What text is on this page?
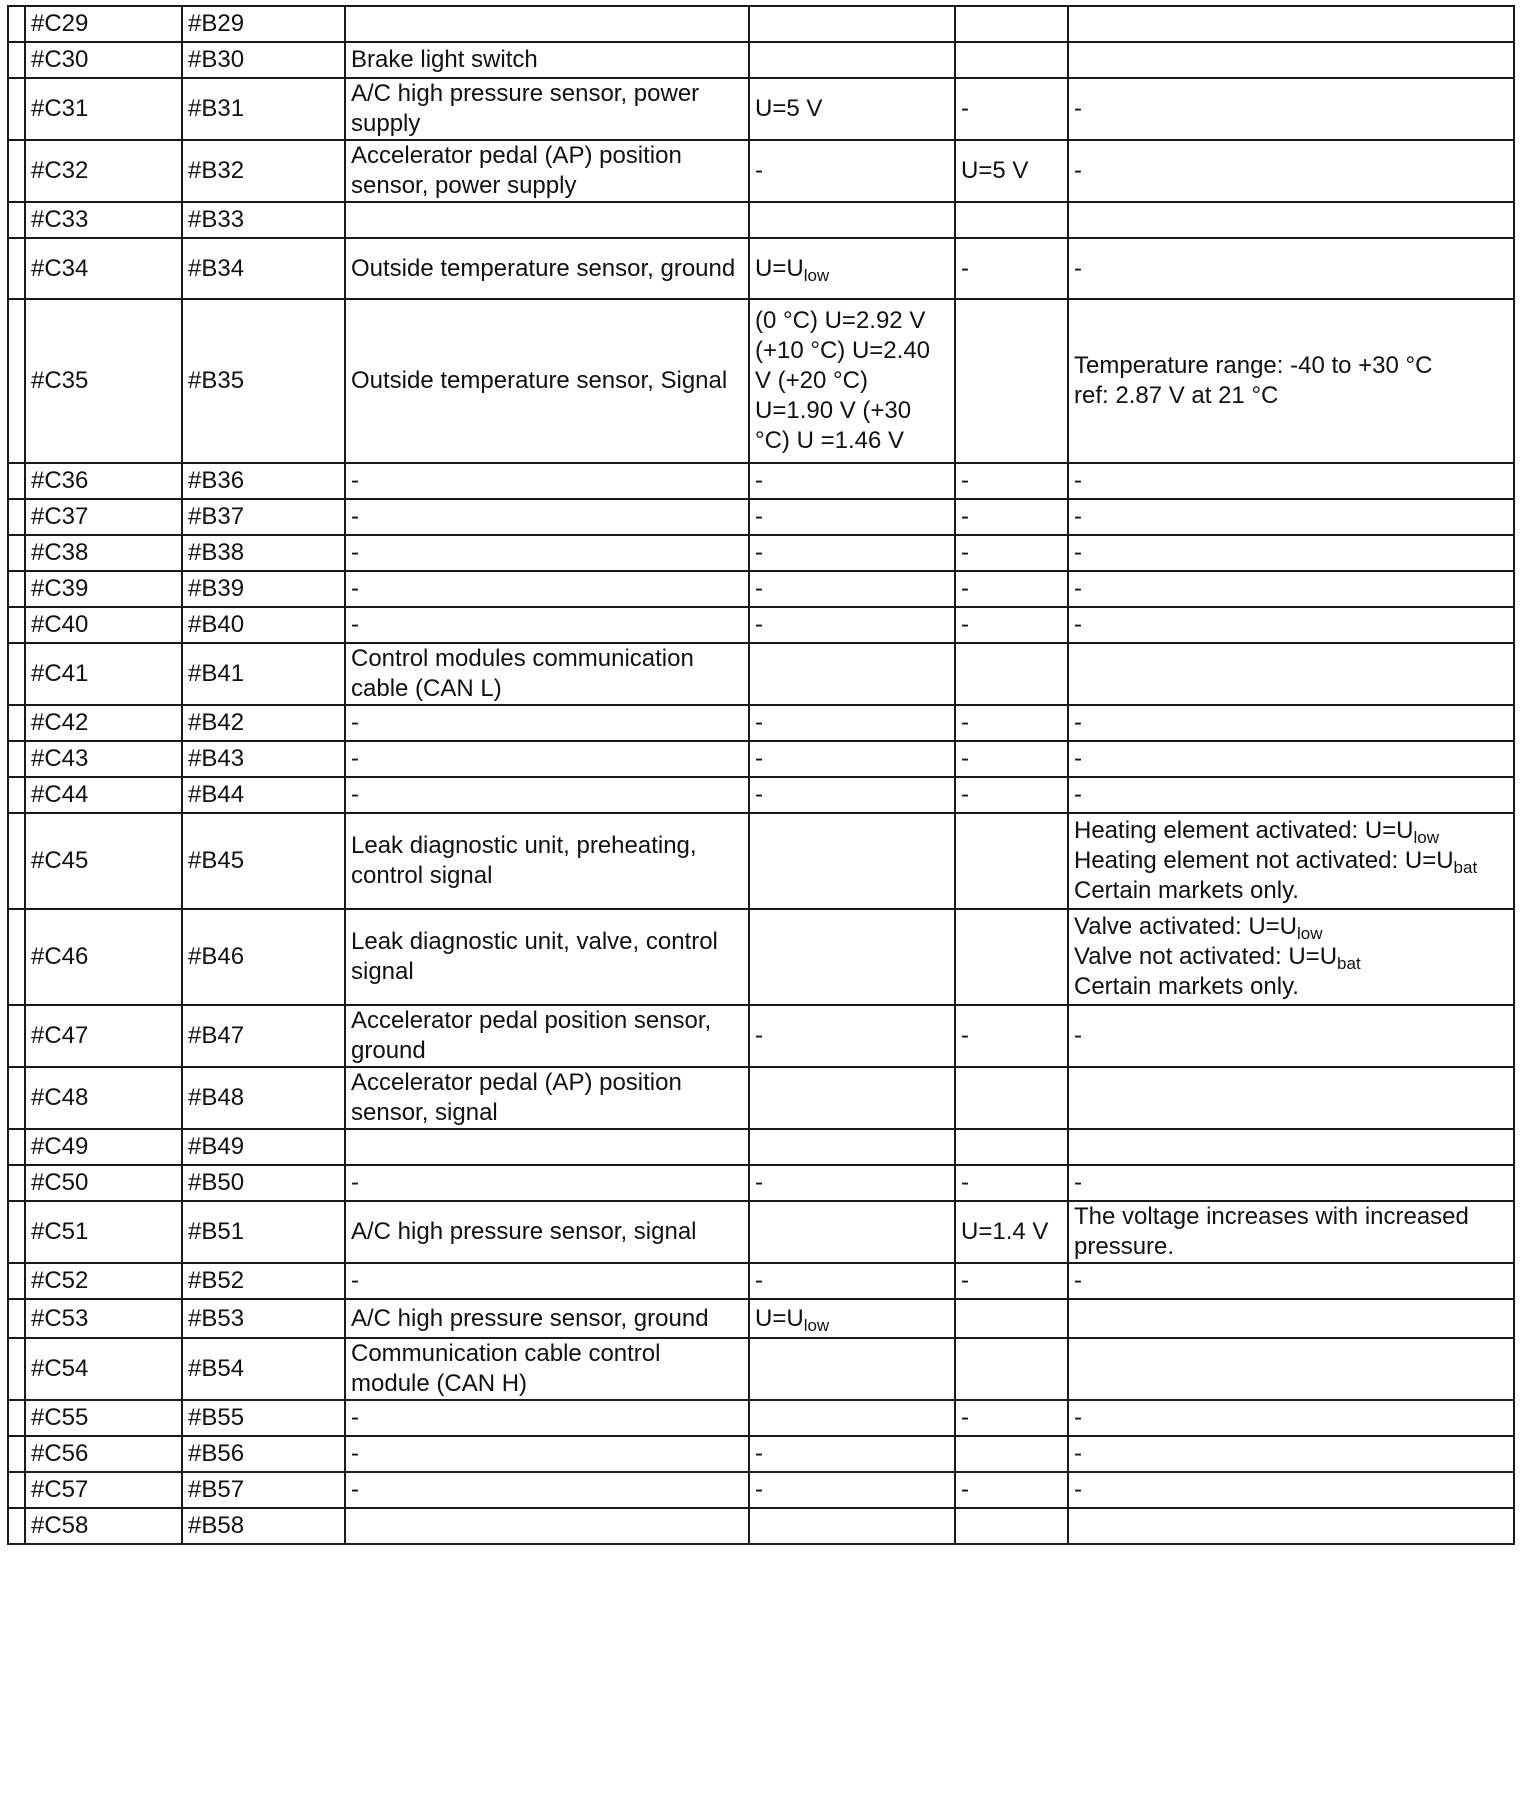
	#C29	#B29				
	#C30	#B30	Brake light switch			
	#C31	#B31	A/C high pressure sensor, power supply	U=5 V	-	-
	#C32	#B32	Accelerator pedal (AP) position sensor, power supply	-	U=5 V	-
	#C33	#B33				
	#C34	#B34	Outside temperature sensor, ground	$U=U_{low}$	-	-
	#C35	#B35	Outside temperature sensor, Signal	(0 °C) U=2.92 V (+10 °C) U=2.40 V (+20 °C) U=1.90 V (+30 °C) U =1.46 V		Temperature range: -40 to +30 °C
ref: 2.87 V at 21 °C

	#C36	#B36	-	-	-	-
	#C37	#B37	-	-	-	-
	#C38	#B38	-	-	-	-
	#C39	#B39	-	-	-	-
	#C40	#B40	-	-	-	-
	#C41	#B41	Control modules communication cable (CAN L)			
	#C42	#B42	-	-	-	-
	#C43	#B43	-	-	-	-
	#C44	#B44	-	-	-	-
	#C45	#B45	Leak diagnostic unit, preheating, control signal			Heating element activated: $U=U_{low}$
Heating element not activated: $U=U_{bat}$
Certain markets only.

	#C46	#B46	Leak diagnostic unit, valve, control signal			Valve activated: $U=U_{low}$
Valve not activated: $U=U_{bat}$
Certain markets only.

	#C47	#B47	Accelerator pedal position sensor, ground	-	-	-
	#C48	#B48	Accelerator pedal (AP) position sensor, signal			
	#C49	#B49				
	#C50	#B50	-	-	-	-
	#C51	#B51	A/C high pressure sensor, signal		U=1.4 V	The voltage increases with increased pressure.
	#C52	#B52	-	-	-	-
	#C53	#B53	A/C high pressure sensor, ground	$U=U_{low}$		
	#C54	#B54	Communication cable control module (CAN H)			
	#C55	#B55	-		-	-
	#C56	#B56	-	-		-
	#C57	#B57	-	-	-	-
	#C58	#B58				
